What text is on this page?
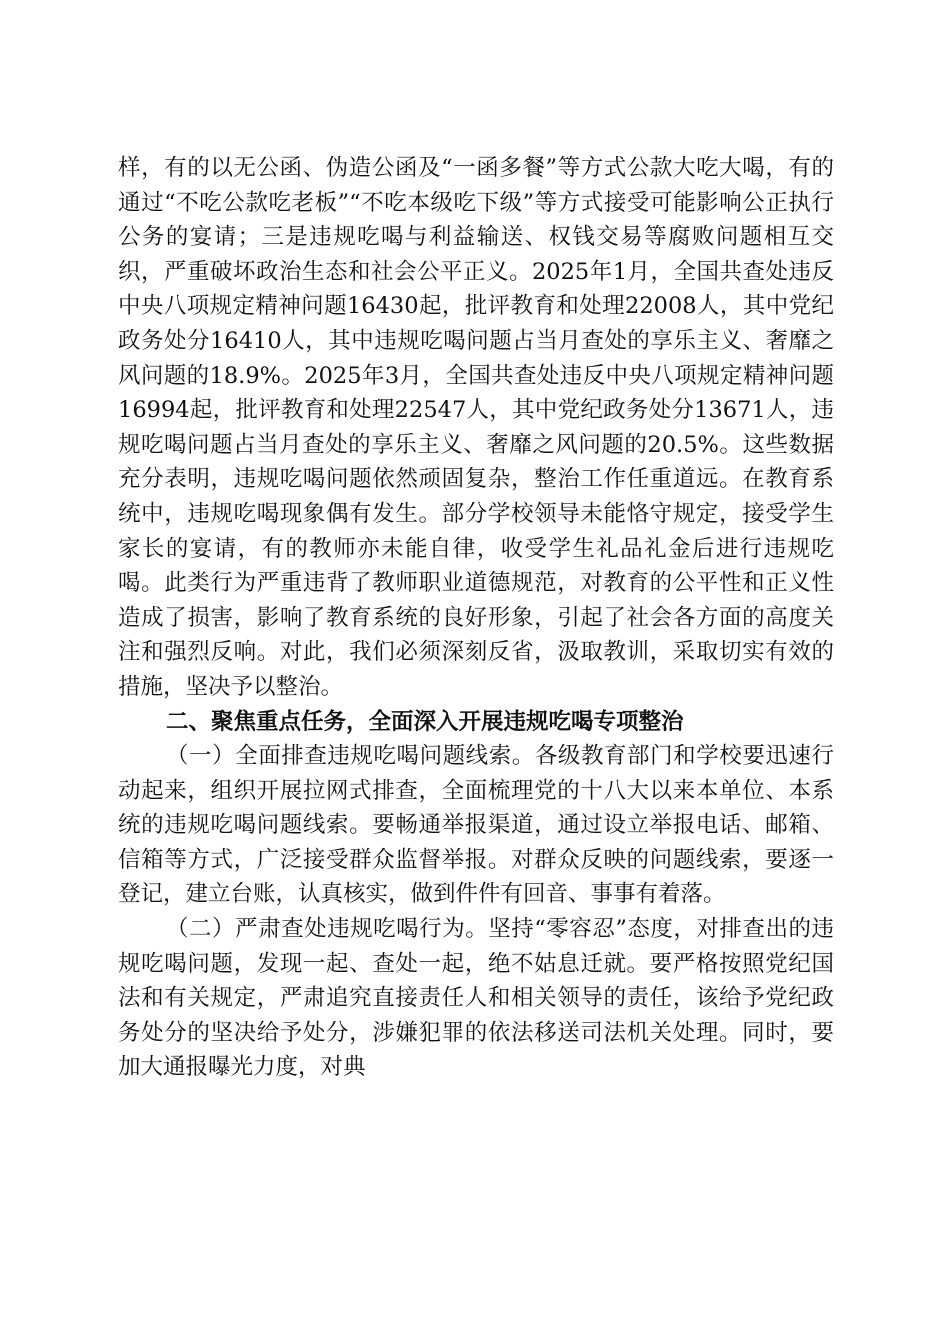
样，有的以无公函、伪造公函及“一函多餐”等方式公款大吃大喝，有的通过“不吃公款吃老板”“不吃本级吃下级”等方式接受可能影响公正执行公务的宴请；三是违规吃喝与利益输送、权钱交易等腐败问题相互交织，严重破坏政治生态和社会公平正义。2025年1月，全国共查处违反中央八项规定精神问题16430起，批评教育和处理22008人，其中党纪政务处分16410人，其中违规吃喝问题占当月查处的享乐主义、奢靡之风问题的18.9%。2025年3月，全国共查处违反中央八项规定精神问题16994起，批评教育和处理22547人，其中党纪政务处分13671人，违规吃喝问题占当月查处的享乐主义、奢靡之风问题的20.5%。这些数据充分表明，违规吃喝问题依然顽固复杂，整治工作任重道远。在教育系统中，违规吃喝现象偶有发生。部分学校领导未能恪守规定，接受学生家长的宴请，有的教师亦未能自律，收受学生礼品礼金后进行违规吃喝。此类行为严重违背了教师职业道德规范，对教育的公平性和正义性造成了损害，影响了教育系统的良好形象，引起了社会各方面的高度关注和强烈反响。对此，我们必须深刻反省，汲取教训，采取切实有效的措施，坚决予以整治。

二、聚焦重点任务，全面深入开展违规吃喝专项整治

（一）全面排查违规吃喝问题线索。各级教育部门和学校要迅速行动起来，组织开展拉网式排查，全面梳理党的十八大以来本单位、本系统的违规吃喝问题线索。要畅通举报渠道，通过设立举报电话、邮箱、信箱等方式，广泛接受群众监督举报。对群众反映的问题线索，要逐一登记，建立台账，认真核实，做到件件有回音、事事有着落。

（二）严肃查处违规吃喝行为。坚持“零容忍”态度，对排查出的违规吃喝问题，发现一起、查处一起，绝不姑息迁就。要严格按照党纪国法和有关规定，严肃追究直接责任人和相关领导的责任，该给予党纪政务处分的坚决给予处分，涉嫌犯罪的依法移送司法机关处理。同时，要加大通报曝光力度，对典
